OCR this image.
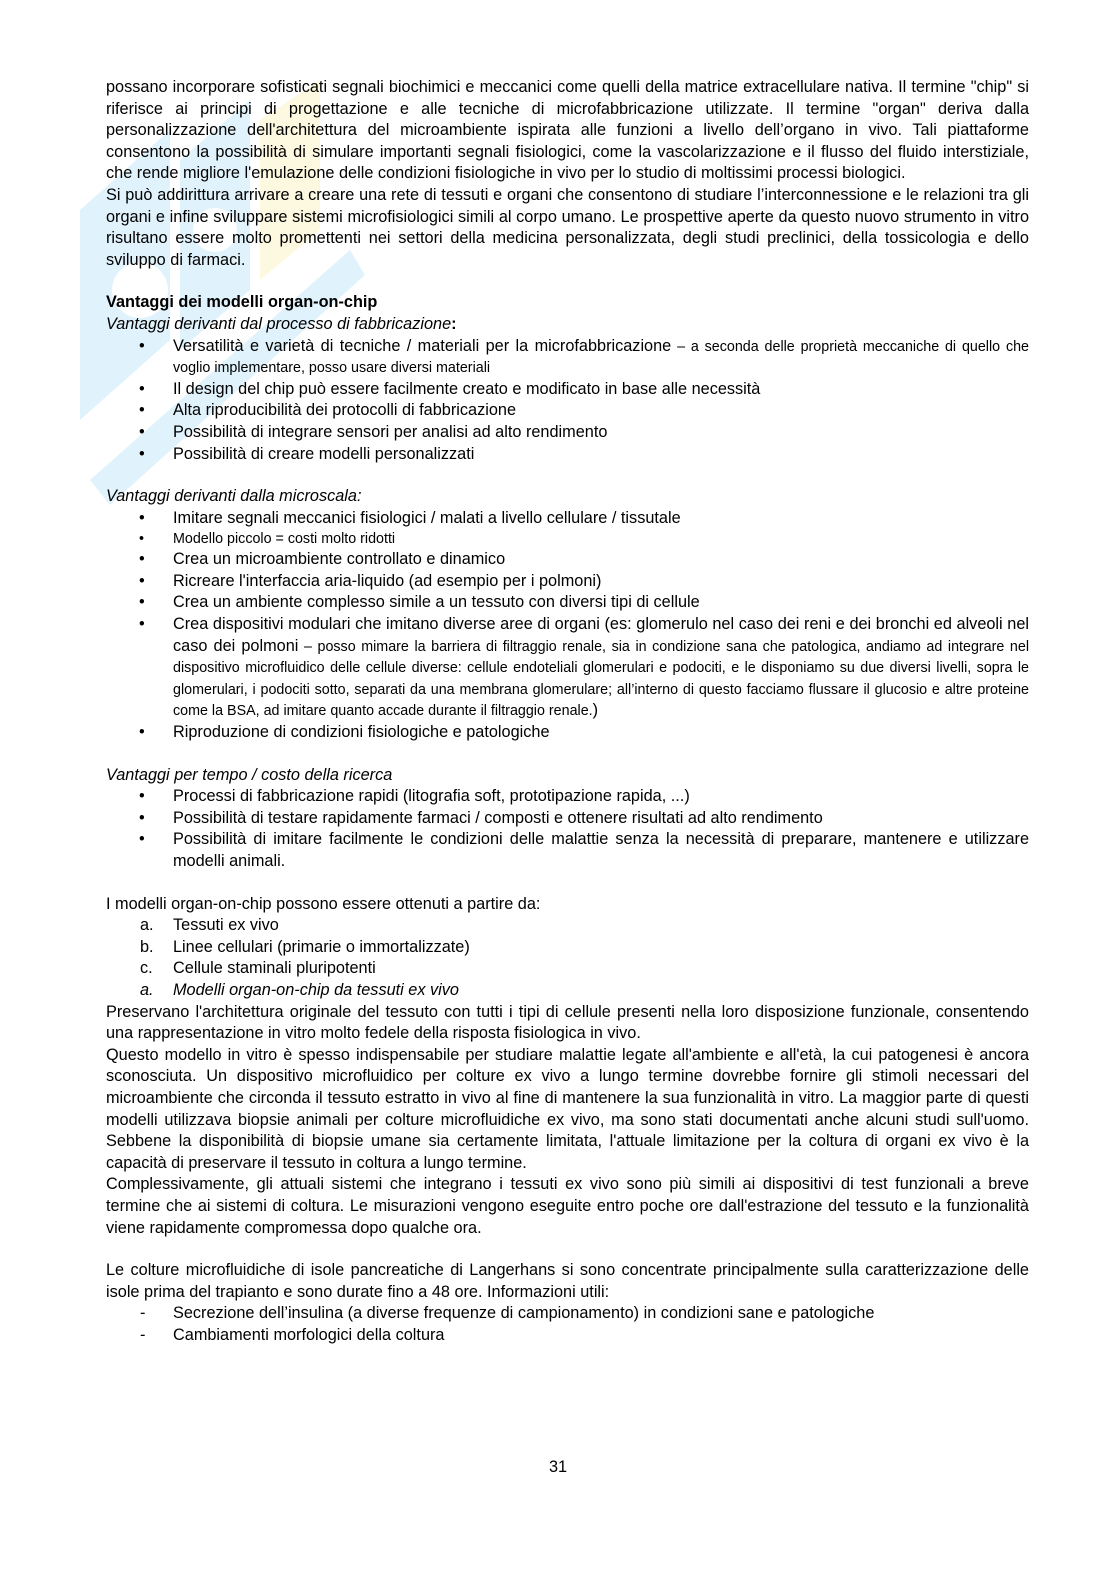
possano incorporare sofisticati segnali biochimici e meccanici come quelli della matrice extracellulare nativa. Il termine "chip" si riferisce ai principi di progettazione e alle tecniche di microfabbricazione utilizzate. Il termine "organ" deriva dalla personalizzazione dell'architettura del microambiente ispirata alle funzioni a livello dell’organo in vivo. Tali piattaforme consentono la possibilità di simulare importanti segnali fisiologici, come la vascolarizzazione e il flusso del fluido interstiziale, che rende migliore l'emulazione delle condizioni fisiologiche in vivo per lo studio di moltissimi processi biologici.

Si può addirittura arrivare a creare una rete di tessuti e organi che consentono di studiare l’interconnessione e le relazioni tra gli organi e infine sviluppare sistemi microfisiologici simili al corpo umano. Le prospettive aperte da questo nuovo strumento in vitro risultano essere molto promettenti nei settori della medicina personalizzata, degli studi preclinici, della tossicologia e dello sviluppo di farmaci.

Vantaggi dei modelli organ-on-chip

Vantaggi derivanti dal processo di fabbricazione:

• Versatilità e varietà di tecniche / materiali per la microfabbricazione – a seconda delle proprietà meccaniche di quello che voglio implementare, posso usare diversi materiali
• Il design del chip può essere facilmente creato e modificato in base alle necessità
• Alta riproducibilità dei protocolli di fabbricazione
• Possibilità di integrare sensori per analisi ad alto rendimento
• Possibilità di creare modelli personalizzati

Vantaggi derivanti dalla microscala:

• Imitare segnali meccanici fisiologici / malati a livello cellulare / tissutale
• Modello piccolo = costi molto ridotti
• Crea un microambiente controllato e dinamico
• Ricreare l'interfaccia aria-liquido (ad esempio per i polmoni)
• Crea un ambiente complesso simile a un tessuto con diversi tipi di cellule
• Crea dispositivi modulari che imitano diverse aree di organi (es: glomerulo nel caso dei reni e dei bronchi ed alveoli nel caso dei polmoni – posso mimare la barriera di filtraggio renale, sia in condizione sana che patologica, andiamo ad integrare nel dispositivo microfluidico delle cellule diverse: cellule endoteliali glomerulari e podociti, e le disponiamo su due diversi livelli, sopra le glomerulari, i podociti sotto, separati da una membrana glomerulare; all’interno di questo facciamo flussare il glucosio e altre proteine come la BSA, ad imitare quanto accade durante il filtraggio renale.)
• Riproduzione di condizioni fisiologiche e patologiche

Vantaggi per tempo / costo della ricerca

• Processi di fabbricazione rapidi (litografia soft, prototipazione rapida, ...)
• Possibilità di testare rapidamente farmaci / composti e ottenere risultati ad alto rendimento
• Possibilità di imitare facilmente le condizioni delle malattie senza la necessità di preparare, mantenere e utilizzare modelli animali.

I modelli organ-on-chip possono essere ottenuti a partire da:

a. Tessuti ex vivo
b. Linee cellulari (primarie o immortalizzate)
c. Cellule staminali pluripotenti
a. Modelli organ-on-chip da tessuti ex vivo

Preservano l'architettura originale del tessuto con tutti i tipi di cellule presenti nella loro disposizione funzionale, consentendo una rappresentazione in vitro molto fedele della risposta fisiologica in vivo.

Questo modello in vitro è spesso indispensabile per studiare malattie legate all'ambiente e all'età, la cui patogenesi è ancora sconosciuta. Un dispositivo microfluidico per colture ex vivo a lungo termine dovrebbe fornire gli stimoli necessari del microambiente che circonda il tessuto estratto in vivo al fine di mantenere la sua funzionalità in vitro. La maggior parte di questi modelli utilizzava biopsie animali per colture microfluidiche ex vivo, ma sono stati documentati anche alcuni studi sull'uomo. Sebbene la disponibilità di biopsie umane sia certamente limitata, l'attuale limitazione per la coltura di organi ex vivo è la capacità di preservare il tessuto in coltura a lungo termine.

Complessivamente, gli attuali sistemi che integrano i tessuti ex vivo sono più simili ai dispositivi di test funzionali a breve termine che ai sistemi di coltura. Le misurazioni vengono eseguite entro poche ore dall'estrazione del tessuto e la funzionalità viene rapidamente compromessa dopo qualche ora.

Le colture microfluidiche di isole pancreatiche di Langerhans si sono concentrate principalmente sulla caratterizzazione delle isole prima del trapianto e sono durate fino a 48 ore. Informazioni utili:

- Secrezione dell’insulina (a diverse frequenze di campionamento) in condizioni sane e patologiche
- Cambiamenti morfologici della coltura
31
